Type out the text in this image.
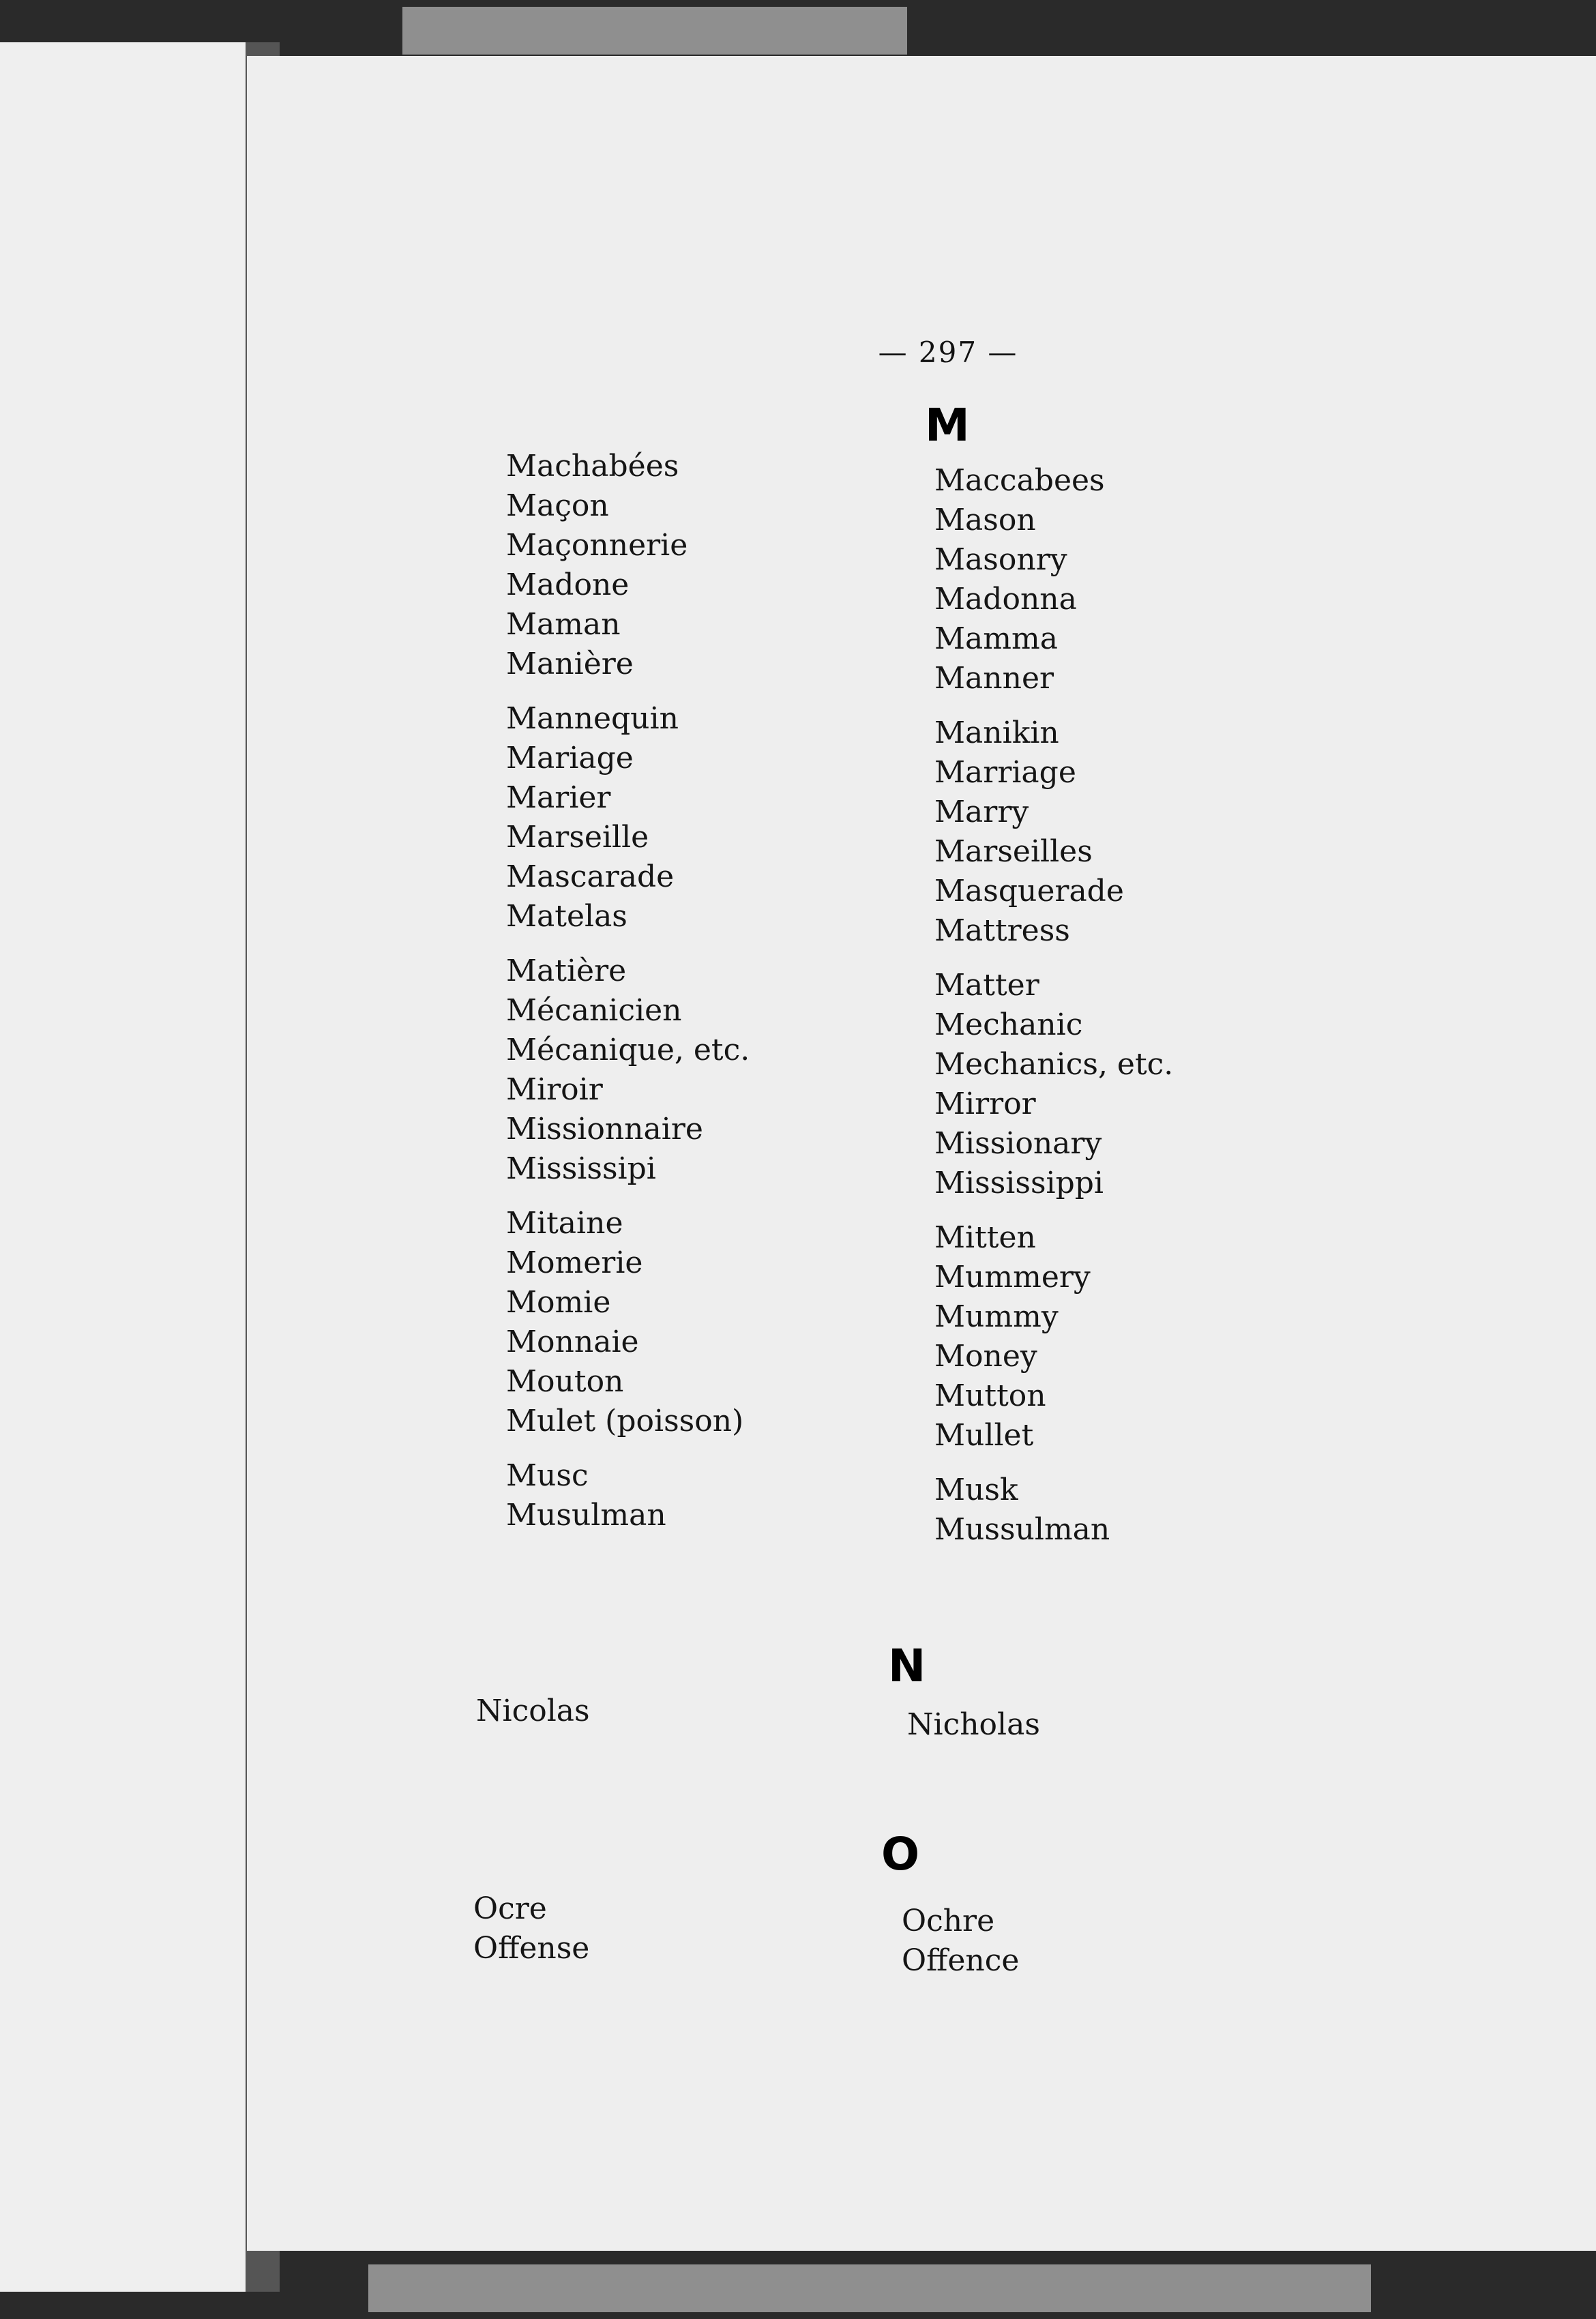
— 297 —
M
Machabées
Maçon
Maçonnerie
Madone
Maman
Manière
Mannequin
Mariage
Marier
Marseille
Mascarade
Matelas
Matière
Mécanicien
Mécanique, etc.
Miroir
Missionnaire
Mississipi
Mitaine
Momerie
Momie
Monnaie
Mouton
Mulet (poisson)
Musc
Musulman
Maccabees
Mason
Masonry
Madonna
Mamma
Manner
Manikin
Marriage
Marry
Marseilles
Masquerade
Mattress
Matter
Mechanic
Mechanics, etc.
Mirror
Missionary
Mississippi
Mitten
Mummery
Mummy
Money
Mutton
Mullet
Musk
Mussulman
N
Nicolas	Nicholas
O
Ocre
Offense
Ochre
Offence
